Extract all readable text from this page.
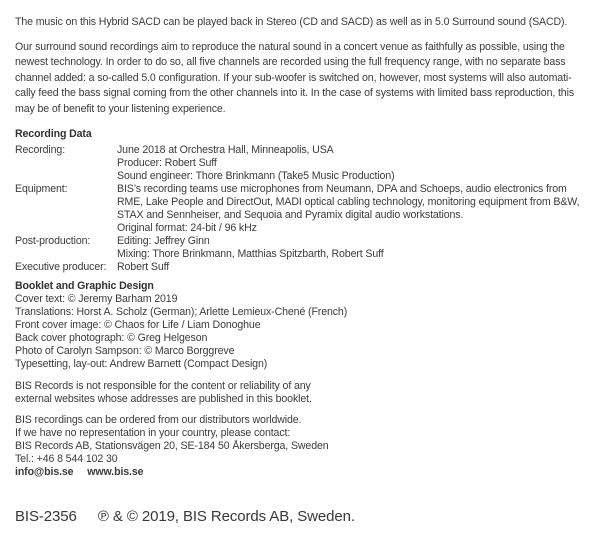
The music on this Hybrid SACD can be played back in Stereo (CD and SACD) as well as in 5.0 Surround sound (SACD).
Our surround sound recordings aim to reproduce the natural sound in a concert venue as faithfully as possible, using the
newest technology. In order to do so, all five channels are recorded using the full frequency range, with no separate bass
channel added: a so-called 5.0 configuration. If your sub-woofer is switched on, however, most systems will also automati-
cally feed the bass signal coming from the other channels into it. In the case of systems with limited bass reproduction, this
may be of benefit to your listening experience.
Recording Data
Recording:	June 2018 at Orchestra Hall, Minneapolis, USA
Producer: Robert Suff
Sound engineer: Thore Brinkmann (Take5 Music Production)
Equipment:	BIS’s recording teams use microphones from Neumann, DPA and Schoeps, audio electronics from
RME, Lake People and DirectOut, MADI optical cabling technology, monitoring equipment from B&W,
STAX and Sennheiser, and Sequoia and Pyramix digital audio workstations.
Original format: 24-bit / 96 kHz
Post-production:	Editing: Jeffrey Ginn
Mixing: Thore Brinkmann, Matthias Spitzbarth, Robert Suff
Executive producer:	Robert Suff
Booklet and Graphic Design
Cover text: © Jeremy Barham 2019
Translations: Horst A. Scholz (German); Arlette Lemieux-Chené (French)
Front cover image: © Chaos for Life / Liam Donoghue
Back cover photograph: © Greg Helgeson
Photo of Carolyn Sampson: © Marco Borggreve
Typesetting, lay-out: Andrew Barnett (Compact Design)
BIS Records is not responsible for the content or reliability of any
external websites whose addresses are published in this booklet.
BIS recordings can be ordered from our distributors worldwide.
If we have no representation in your country, please contact:
BIS Records AB, Stationsvägen 20, SE-184 50 Åkersberga, Sweden
Tel.: +46 8 544 102 30
info@bis.se www.bis.se
BIS-2356 ℗ & © 2019, BIS Records AB, Sweden.
